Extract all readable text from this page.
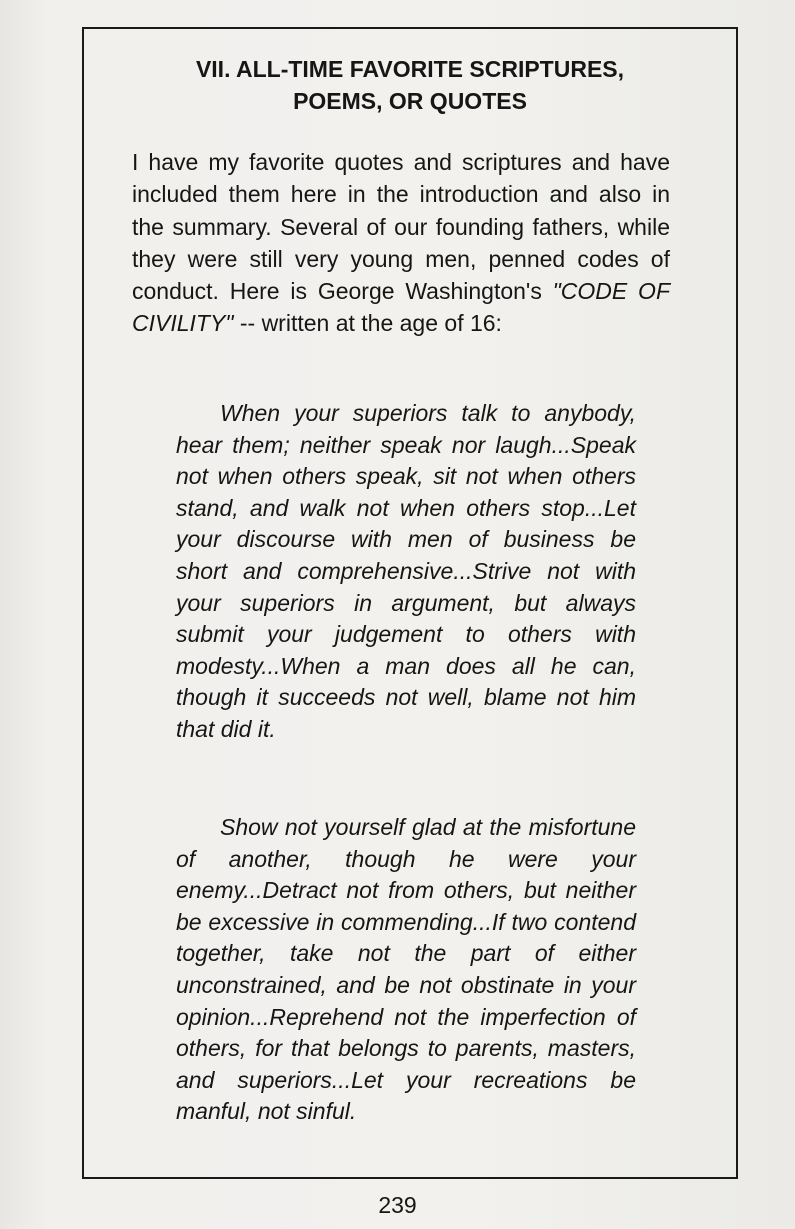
VII. ALL-TIME FAVORITE SCRIPTURES,
POEMS, OR QUOTES

I have my favorite quotes and scriptures and have included them here in the introduction and also in the summary. Several of our founding fathers, while they were still very young men, penned codes of conduct. Here is George Washington's "CODE OF CIVILITY" -- written at the age of 16:

When your superiors talk to anybody, hear them; neither speak nor laugh...Speak not when others speak, sit not when others stand, and walk not when others stop...Let your discourse with men of business be short and comprehensive...Strive not with your superiors in argument, but always submit your judgement to others with modesty...When a man does all he can, though it succeeds not well, blame not him that did it.

Show not yourself glad at the misfortune of another, though he were your enemy...Detract not from others, but neither be excessive in commending...If two contend together, take not the part of either unconstrained, and be not obstinate in your opinion...Reprehend not the imperfection of others, for that belongs to parents, masters, and superiors...Let your recreations be manful, not sinful.

239
